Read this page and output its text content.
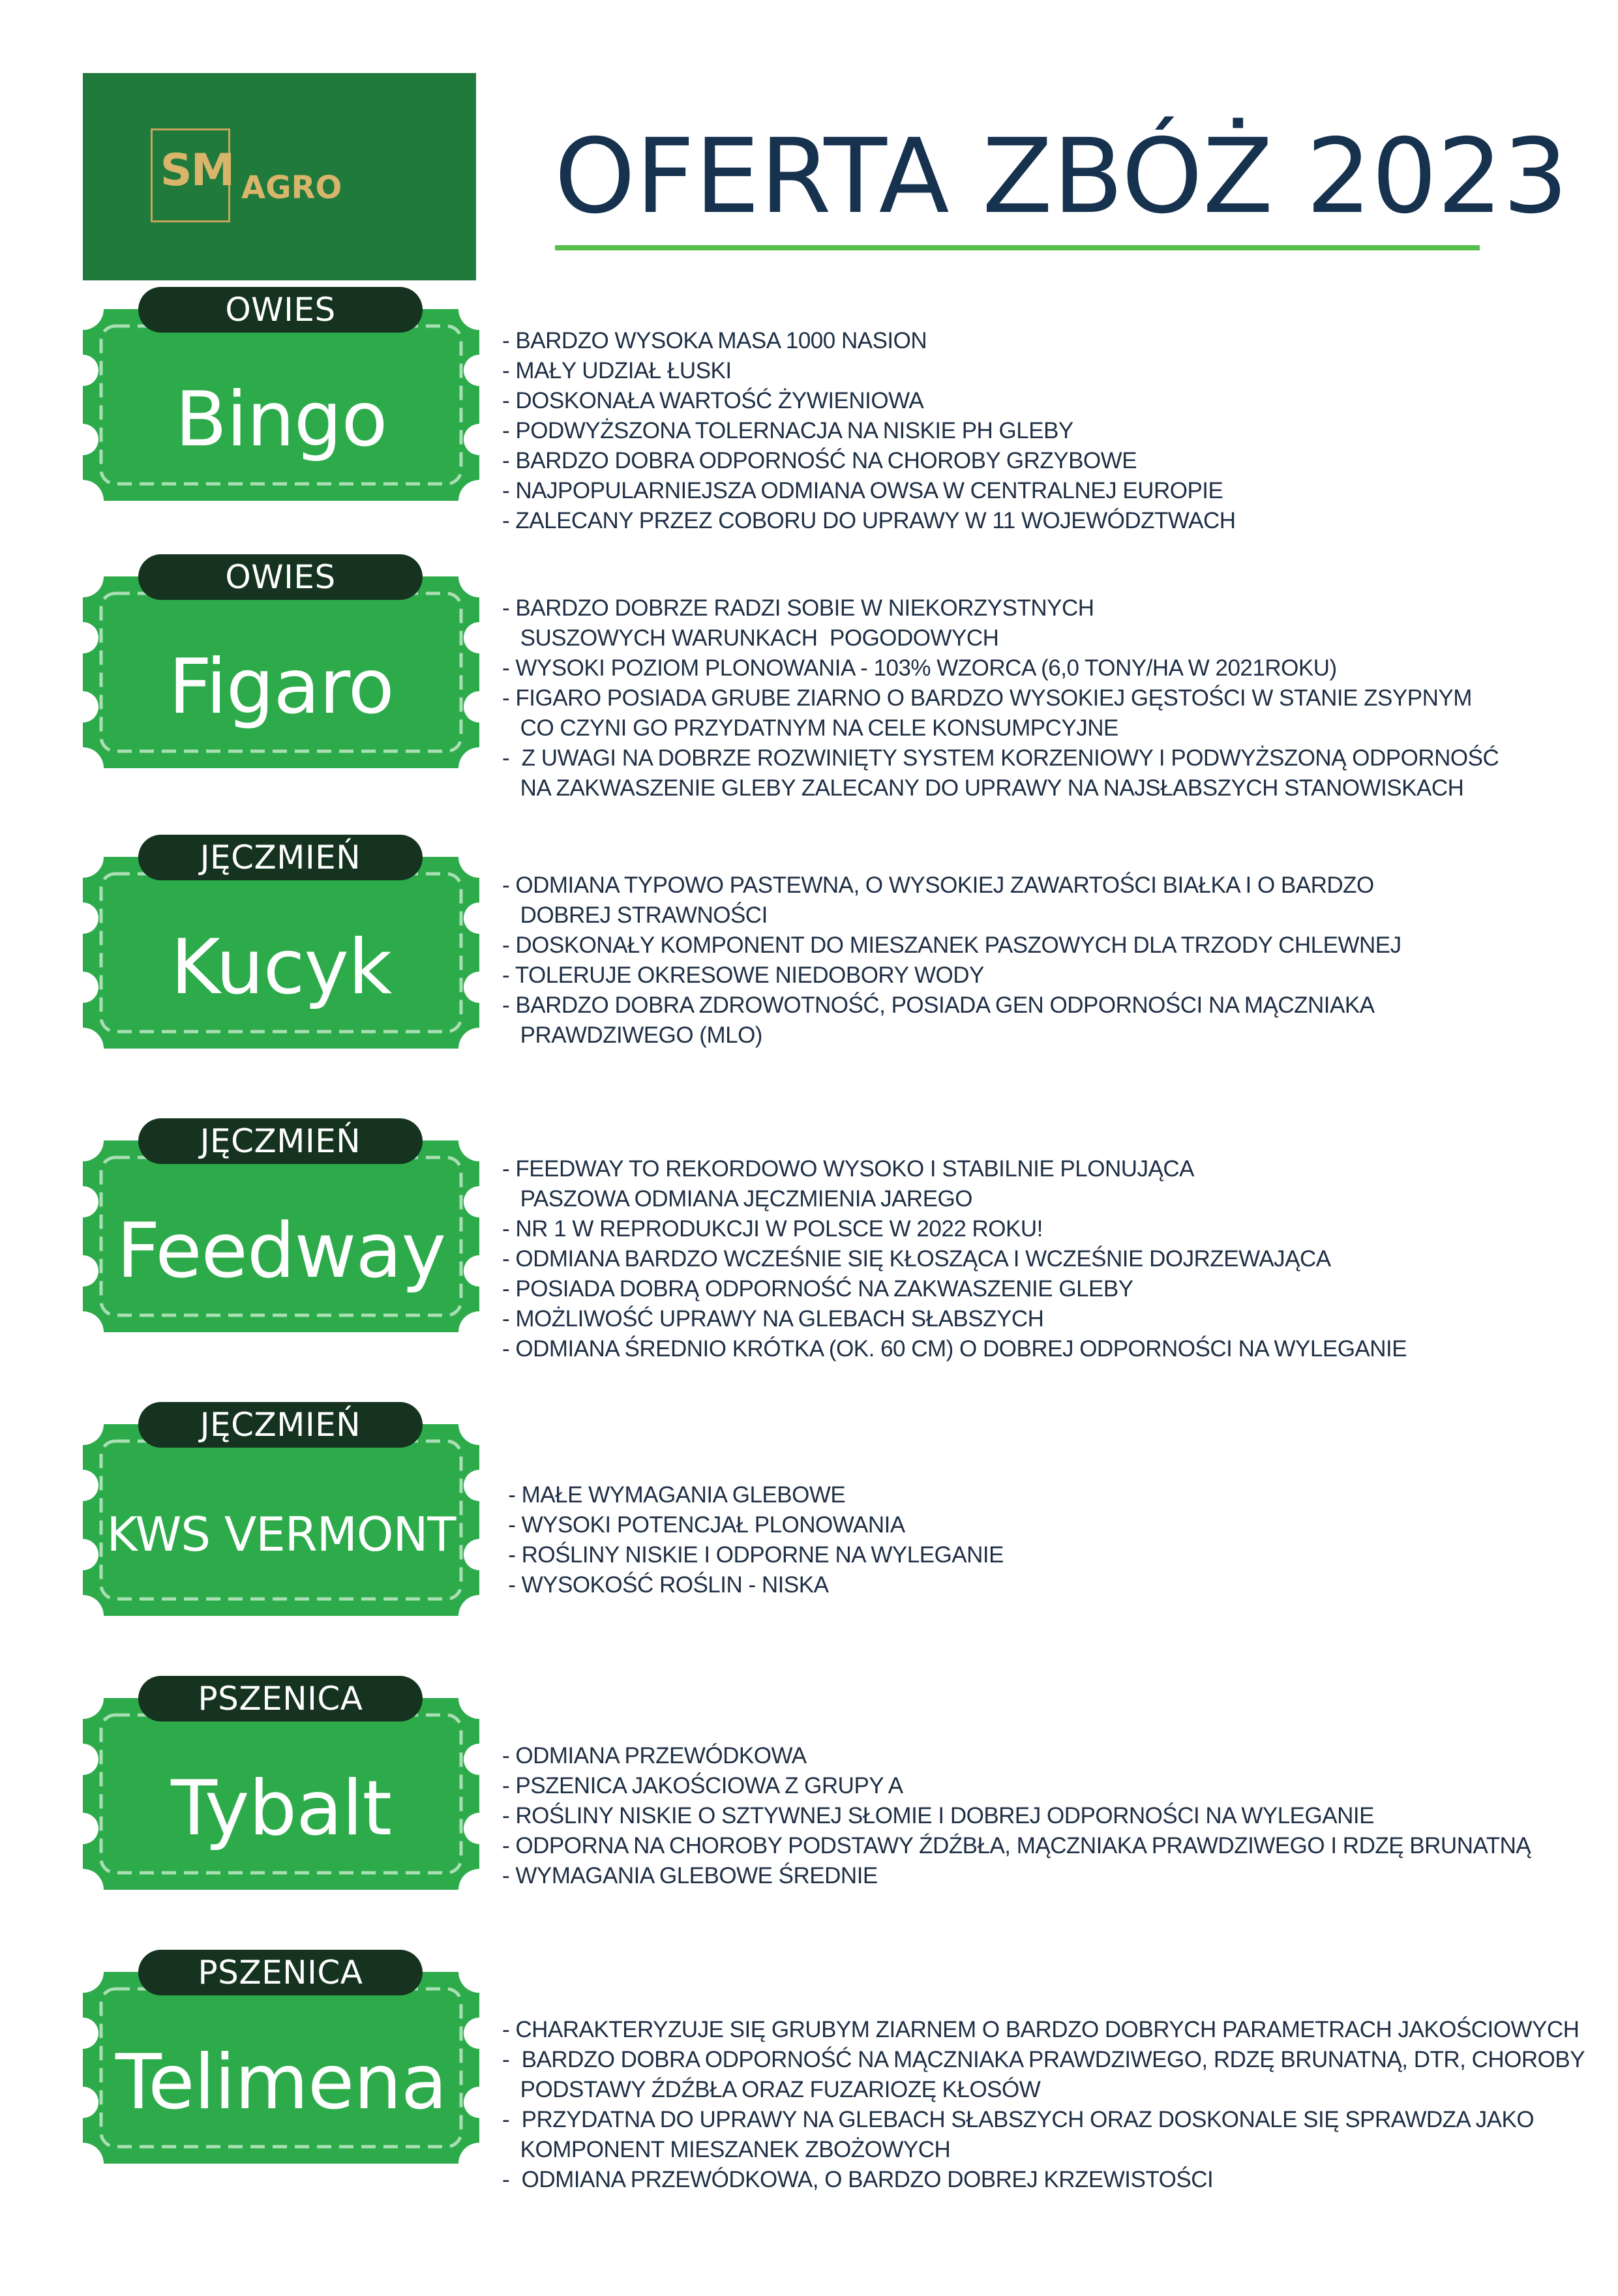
SM AGRO OFERTA ZBÓŻ 2023
OWIES
Bingo
- BARDZO WYSOKA MASA 1000 NASION
- MAŁY UDZIAŁ ŁUSKI
- DOSKONAŁA WARTOŚĆ ŻYWIENIOWA
- PODWYŻSZONA TOLERNACJA NA NISKIE PH GLEBY
- BARDZO DOBRA ODPORNOŚĆ NA CHOROBY GRZYBOWE
- NAJPOPULARNIEJSZA ODMIANA OWSA W CENTRALNEJ EUROPIE
- ZALECANY PRZEZ COBORU DO UPRAWY W 11 WOJEWÓDZTWACH
OWIES
Figaro
- BARDZO DOBRZE RADZI SOBIE W NIEKORZYSTNYCH
SUSZOWYCH WARUNKACH  POGODOWYCH
- WYSOKI POZIOM PLONOWANIA - 103% WZORCA (6,0 TONY/HA W 2021ROKU)
- FIGARO POSIADA GRUBE ZIARNO O BARDZO WYSOKIEJ GĘSTOŚCI W STANIE ZSYPNYM
CO CZYNI GO PRZYDATNYM NA CELE KONSUMPCYJNE
-  Z UWAGI NA DOBRZE ROZWINIĘTY SYSTEM KORZENIOWY I PODWYŻSZONĄ ODPORNOŚĆ
NA ZAKWASZENIE GLEBY ZALECANY DO UPRAWY NA NAJSŁABSZYCH STANOWISKACH
JĘCZMIEŃ
Kucyk
- ODMIANA TYPOWO PASTEWNA, O WYSOKIEJ ZAWARTOŚCI BIAŁKA I O BARDZO
DOBREJ STRAWNOŚCI
- DOSKONAŁY KOMPONENT DO MIESZANEK PASZOWYCH DLA TRZODY CHLEWNEJ
- TOLERUJE OKRESOWE NIEDOBORY WODY
- BARDZO DOBRA ZDROWOTNOŚĆ, POSIADA GEN ODPORNOŚCI NA MĄCZNIAKA
PRAWDZIWEGO (MLO)
JĘCZMIEŃ
Feedway
- FEEDWAY TO REKORDOWO WYSOKO I STABILNIE PLONUJĄCA
PASZOWA ODMIANA JĘCZMIENIA JAREGO
- NR 1 W REPRODUKCJI W POLSCE W 2022 ROKU!
- ODMIANA BARDZO WCZEŚNIE SIĘ KŁOSZĄCA I WCZEŚNIE DOJRZEWAJĄCA
- POSIADA DOBRĄ ODPORNOŚĆ NA ZAKWASZENIE GLEBY
- MOŻLIWOŚĆ UPRAWY NA GLEBACH SŁABSZYCH
- ODMIANA ŚREDNIO KRÓTKA (OK. 60 CM) O DOBREJ ODPORNOŚCI NA WYLEGANIE
JĘCZMIEŃ
KWS VERMONT
- MAŁE WYMAGANIA GLEBOWE
- WYSOKI POTENCJAŁ PLONOWANIA
- ROŚLINY NISKIE I ODPORNE NA WYLEGANIE
- WYSOKOŚĆ ROŚLIN - NISKA
PSZENICA
Tybalt
- ODMIANA PRZEWÓDKOWA
- PSZENICA JAKOŚCIOWA Z GRUPY A
- ROŚLINY NISKIE O SZTYWNEJ SŁOMIE I DOBREJ ODPORNOŚCI NA WYLEGANIE
- ODPORNA NA CHOROBY PODSTAWY ŹDŹBŁA, MĄCZNIAKA PRAWDZIWEGO I RDZĘ BRUNATNĄ
- WYMAGANIA GLEBOWE ŚREDNIE
PSZENICA
Telimena
- CHARAKTERYZUJE SIĘ GRUBYM ZIARNEM O BARDZO DOBRYCH PARAMETRACH JAKOŚCIOWYCH
-  BARDZO DOBRA ODPORNOŚĆ NA MĄCZNIAKA PRAWDZIWEGO, RDZĘ BRUNATNĄ, DTR, CHOROBY
PODSTAWY ŹDŹBŁA ORAZ FUZARIOZĘ KŁOSÓW
-  PRZYDATNA DO UPRAWY NA GLEBACH SŁABSZYCH ORAZ DOSKONALE SIĘ SPRAWDZA JAKO
KOMPONENT MIESZANEK ZBOŻOWYCH
-  ODMIANA PRZEWÓDKOWA, O BARDZO DOBREJ KRZEWISTOŚCI
